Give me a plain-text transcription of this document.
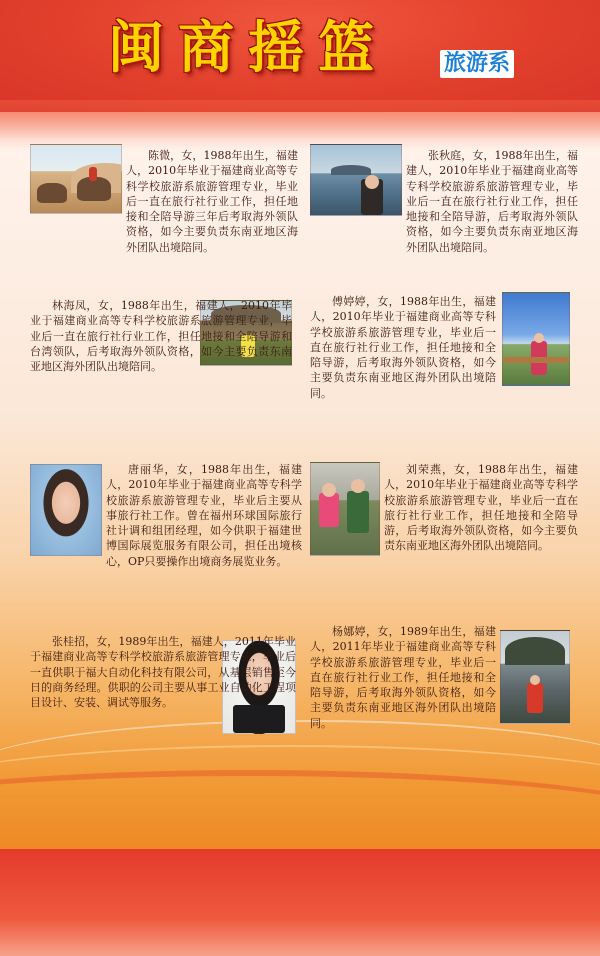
闽商摇篮	旅游系

陈微，女，1988年出生，福建人，2010年毕业于福建商业高等专科学校旅游系旅游管理专业，毕业后一直在旅行社行业工作，担任地接和全陪导游三年后考取海外领队资格，如今主要负责东南亚地区海外团队出境陪同。

张秋庭，女，1988年出生，福建人，2010年毕业于福建商业高等专科学校旅游系旅游管理专业，毕业后一直在旅行社行业工作，担任地接和全陪导游，后考取海外领队资格，如今主要负责东南亚地区海外团队出境陪同。

林海凤，女，1988年出生，福建人，2010年毕业于福建商业高等专科学校旅游系旅游管理专业，毕业后一直在旅行社行业工作，担任地接和全陪导游和台湾领队，后考取海外领队资格，如今主要负责东南亚地区海外团队出境陪同。

傅婷婷，女，1988年出生，福建人，2010年毕业于福建商业高等专科学校旅游系旅游管理专业，毕业后一直在旅行社行业工作，担任地接和全陪导游，后考取海外领队资格，如今主要负责东南亚地区海外团队出境陪同。

唐丽华，女，1988年出生，福建人，2010年毕业于福建商业高等专科学校旅游系旅游管理专业，毕业后主要从事旅行社工作。曾在福州环球国际旅行社计调和组团经理，如今供职于福建世博国际展览服务有限公司，担任出境核心，OP只要操作出境商务展览业务。

刘荣燕，女，1988年出生，福建人，2010年毕业于福建商业高等专科学校旅游系旅游管理专业，毕业后一直在旅行社行业工作，担任地接和全陪导游，后考取海外领队资格，如今主要负责东南亚地区海外团队出境陪同。

张桂招，女，1989年出生，福建人，2011年毕业于福建商业高等专科学校旅游系旅游管理专业，毕业后一直供职于福大自动化科技有限公司，从基层销售至今日的商务经理。供职的公司主要从事工业自动化工程项目设计、安装、调试等服务。

杨娜婷，女，1989年出生，福建人，2011年毕业于福建商业高等专科学校旅游系旅游管理专业，毕业后一直在旅行社行业工作，担任地接和全陪导游，后考取海外领队资格，如今主要负责东南亚地区海外团队出境陪同。
